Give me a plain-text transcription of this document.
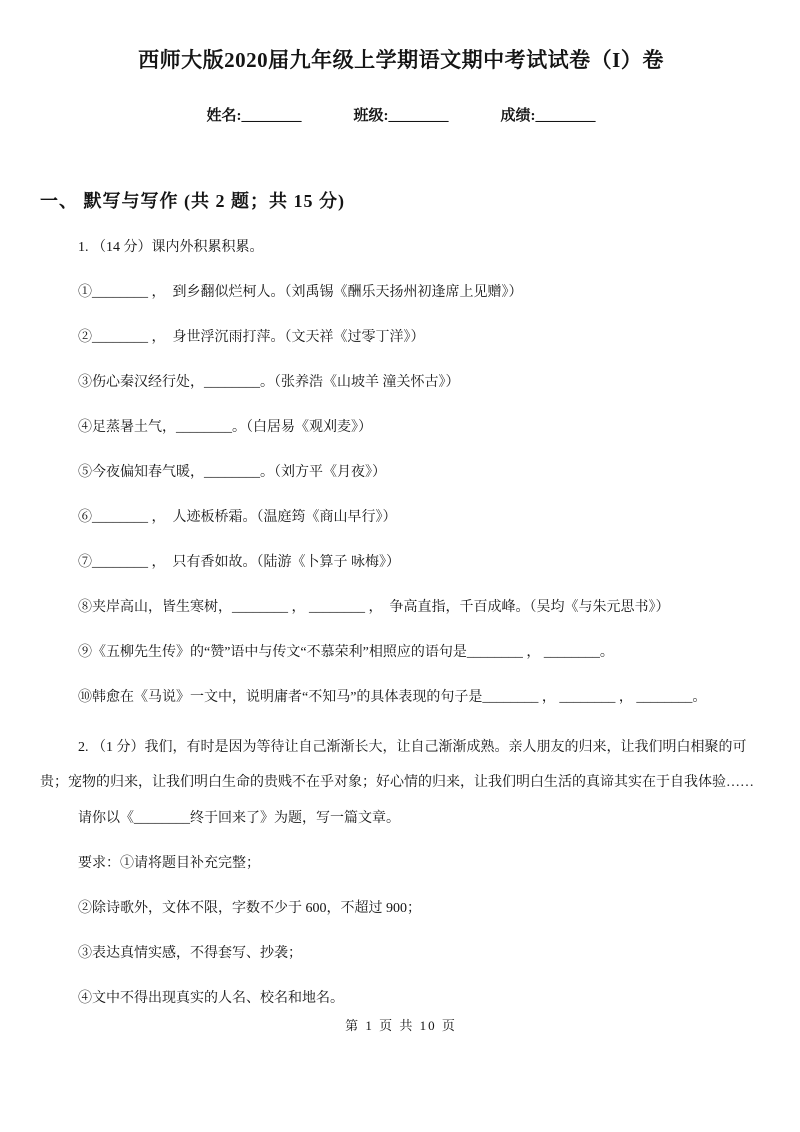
西师大版2020届九年级上学期语文期中考试试卷（I）卷
姓名:________	班级:________	成绩:________
一、 默写与写作 (共 2 题；共 15 分)
1. （14 分）课内外积累积累。
①________ ，　到乡翻似烂柯人。（刘禹锡《酬乐天扬州初逢席上见赠》）
②________ ，　身世浮沉雨打萍。（文天祥《过零丁洋》）
③伤心秦汉经行处，________。（张养浩《山坡羊 潼关怀古》）
④足蒸暑土气，________。（白居易《观刈麦》）
⑤今夜偏知春气暖，________。（刘方平《月夜》）
⑥________ ，　人迹板桥霜。（温庭筠《商山早行》）
⑦________ ，　只有香如故。（陆游《卜算子 咏梅》）
⑧夹岸高山，皆生寒树，________ ， ________ ，　争高直指，千百成峰。（吴均《与朱元思书》）
⑨《五柳先生传》的“赞”语中与传文“不慕荣利”相照应的语句是________ ， ________。
⑩韩愈在《马说》一文中，说明庸者“不知马”的具体表现的句子是________ ， ________ ， ________。
2. （1 分）我们，有时是因为等待让自己渐渐长大，让自己渐渐成熟。亲人朋友的归来，让我们明白相聚的可贵；宠物的归来，让我们明白生命的贵贱不在乎对象；好心情的归来，让我们明白生活的真谛其实在于自我体验……
请你以《________终于回来了》为题，写一篇文章。
要求：①请将题目补充完整；
②除诗歌外，文体不限，字数不少于 600，不超过 900；
③表达真情实感，不得套写、抄袭；
④文中不得出现真实的人名、校名和地名。
第 1 页 共 10 页
